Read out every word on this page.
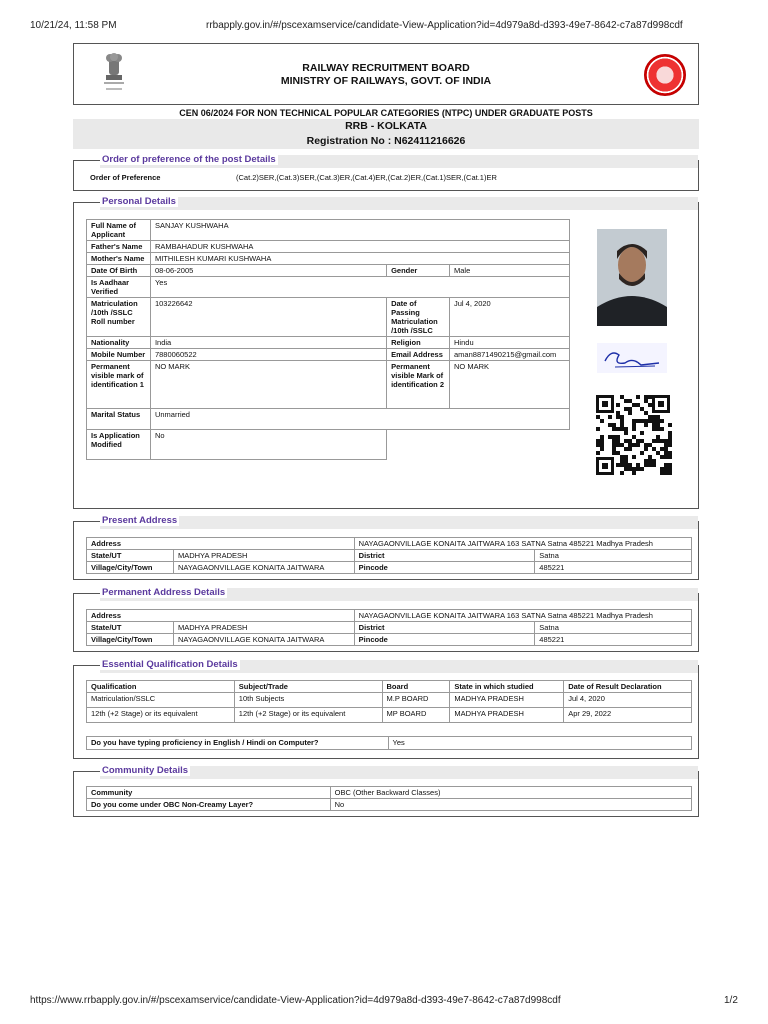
10/21/24, 11:58 PM	rrbapply.gov.in/#/pscexamservice/candidate-View-Application?id=4d979a8d-d393-49e7-8642-c7a87d998cdf
RAILWAY RECRUITMENT BOARD
MINISTRY OF RAILWAYS, GOVT. OF INDIA
CEN 06/2024 FOR NON TECHNICAL POPULAR CATEGORIES (NTPC) UNDER GRADUATE POSTS
RRB - KOLKATA
Registration No : N62411216626
Order of preference of the post Details
Order of Preference	(Cat.2)SER,(Cat.3)SER,(Cat.3)ER,(Cat.4)ER,(Cat.2)ER,(Cat.1)SER,(Cat.1)ER
Personal Details
Full Name of Applicant	SANJAY KUSHWAHA		
Father's Name	RAMBAHADUR KUSHWAHA		
Mother's Name	MITHILESH KUMARI KUSHWAHA		
Date Of Birth	08-06-2005	Gender	Male
Is Aadhaar Verified	Yes		
Matriculation /10th /SSLC Roll number	103226642	Date of Passing Matriculation /10th /SSLC	Jul 4, 2020
Nationality	India	Religion	Hindu
Mobile Number	7880060522	Email Address	aman8871490215@gmail.com
Permanent visible mark of identification 1	NO MARK	Permanent visible Mark of identification 2	NO MARK
Marital Status	Unmarried		
Is Application Modified	No		
Present Address
Address		NAYAGAONVILLAGE KONAITA JAITWARA 163 SATNA Satna 485221 Madhya Pradesh	
State/UT	MADHYA PRADESH	District	Satna
Village/City/Town	NAYAGAONVILLAGE KONAITA JAITWARA	Pincode	485221
Permanent Address Details
Address		NAYAGAONVILLAGE KONAITA JAITWARA 163 SATNA Satna 485221 Madhya Pradesh	
State/UT	MADHYA PRADESH	District	Satna
Village/City/Town	NAYAGAONVILLAGE KONAITA JAITWARA	Pincode	485221
Essential Qualification Details
Qualification	Subject/Trade	Board	State in which studied	Date of Result Declaration
Matriculation/SSLC	10th Subjects	M.P BOARD	MADHYA PRADESH	Jul 4, 2020
12th (+2 Stage) or its equivalent	12th (+2 Stage) or its equivalent	MP BOARD	MADHYA PRADESH	Apr 29, 2022
Do you have typing proficiency in English / Hindi on Computer?	Yes
Community Details
Community	OBC (Other Backward Classes)
Do you come under OBC Non-Creamy Layer?	No
https://www.rrbapply.gov.in/#/pscexamservice/candidate-View-Application?id=4d979a8d-d393-49e7-8642-c7a87d998cdf	1/2
